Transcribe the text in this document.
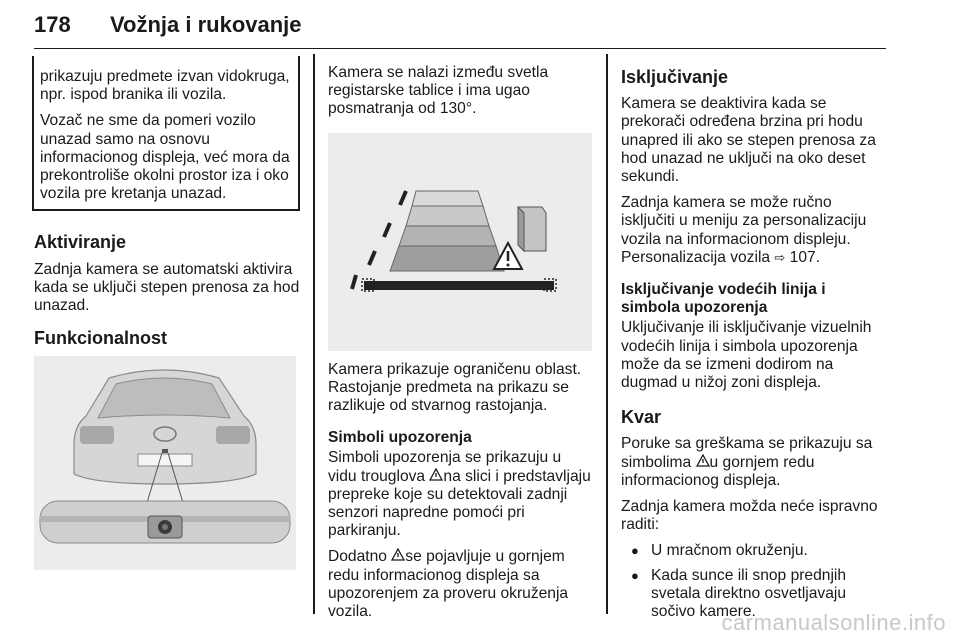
178 Vožnja i rukovanje

prikazuju predmete izvan vidokruga, npr. ispod branika ili vozila.

Vozač ne sme da pomeri vozilo unazad samo na osnovu informacionog displeja, već mora da prekontroliše okolni prostor iza i oko vozila pre kretanja unazad.

Aktiviranje

Zadnja kamera se automatski aktivira kada se uključi stepen prenosa za hod unazad.

Funkcionalnost

Kamera se nalazi između svetla registarske tablice i ima ugao posmatranja od 130°.

Kamera prikazuje ograničenu oblast. Rastojanje predmeta na prikazu se razlikuje od stvarnog rastojanja.

Simboli upozorenja

Simboli upozorenja se prikazuju u vidu trouglova na slici i predstavljaju prepreke koje su detektovali zadnji senzori napredne pomoći pri parkiranju.

Dodatno se pojavljuje u gornjem redu informacionog displeja sa upozorenjem za proveru okruženja vozila.

Isključivanje

Kamera se deaktivira kada se prekorači određena brzina pri hodu unapred ili ako se stepen prenosa za hod unazad ne uključi na oko deset sekundi.

Zadnja kamera se može ručno isključiti u meniju za personalizaciju vozila na informacionom displeju. Personalizacija vozila ⇨ 107.

Isključivanje vodećih linija i simbola upozorenja

Uključivanje ili isključivanje vizuelnih vodećih linija i simbola upozorenja može da se izmeni dodirom na dugmad u nižoj zoni displeja.

Kvar

Poruke sa greškama se prikazuju sa simbolima u gornjem redu informacionog displeja.

Zadnja kamera možda neće ispravno raditi:

● U mračnom okruženju.
● Kada sunce ili snop prednjih svetala direktno osvetljavaju sočivo kamere.
carmanualsonline.info
